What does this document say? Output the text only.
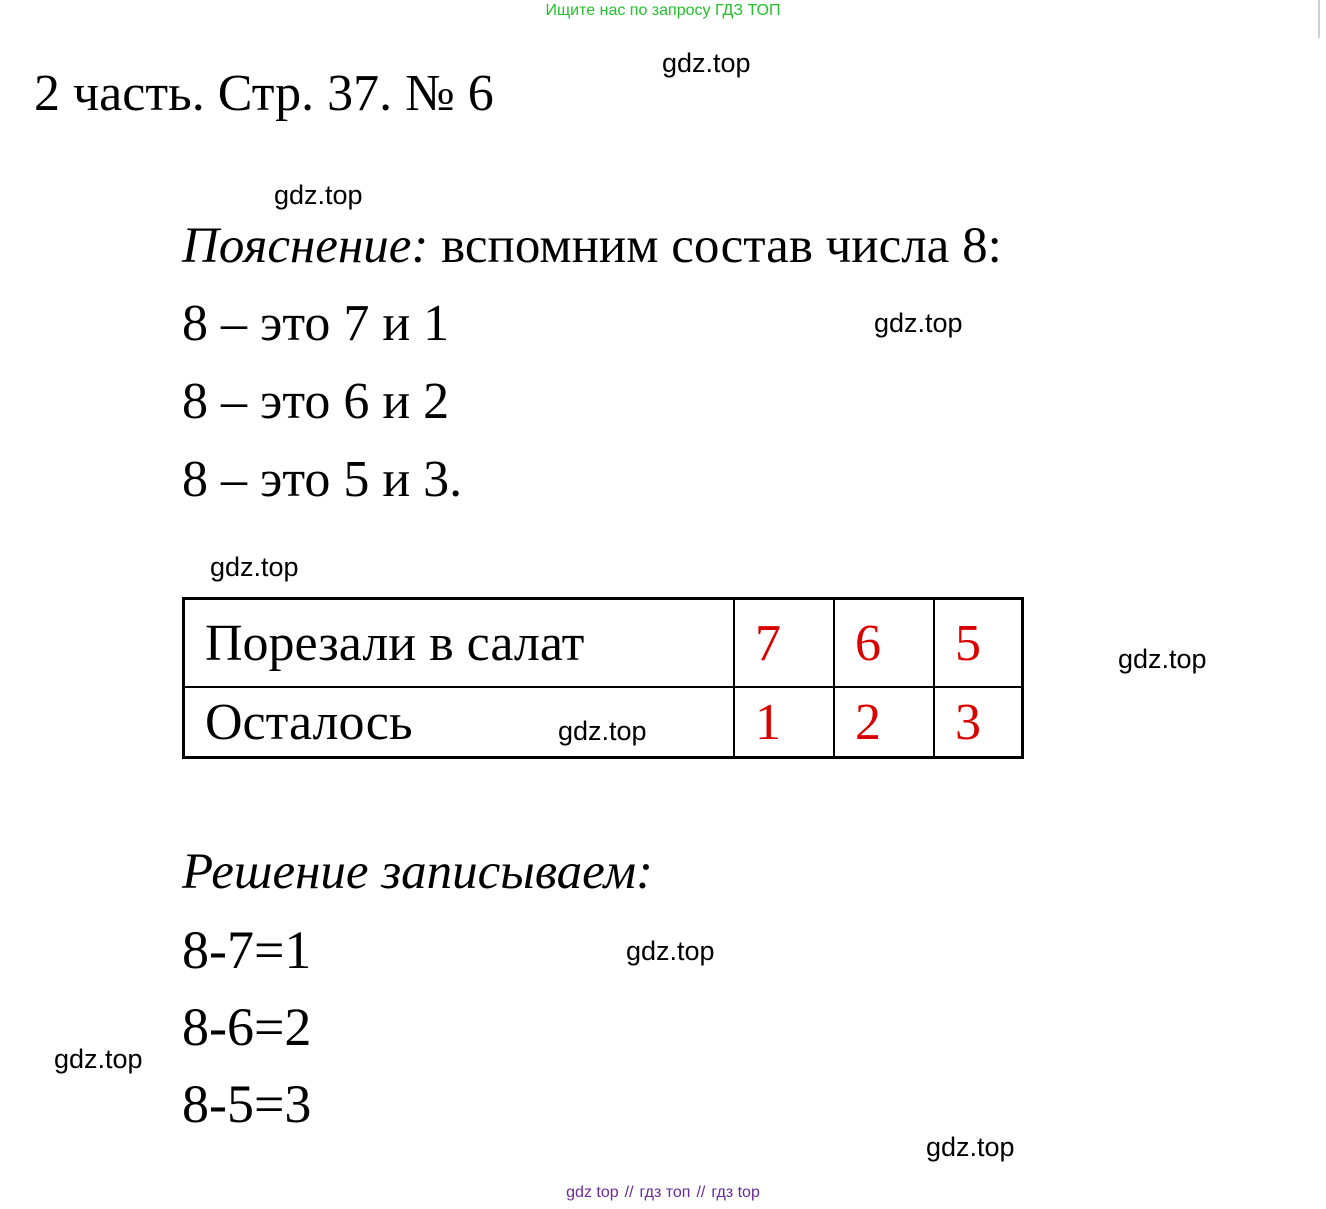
Ищите нас по запросу ГДЗ ТОП
2 часть. Стр. 37. № 6
Пояснение: вспомним состав числа 8:
8 – это 7 и 1
8 – это 6 и 2
8 – это 5 и 3.
Порезали в салат	7	6	5
Осталось	1	2	3
Решение записываем:
8-7=1
8-6=2
8-5=3
gdz.top
gdz.top
gdz.top
gdz.top
gdz.top
gdz.top
gdz.top
gdz.top
gdz.top
gdz top // гдз топ // гдз top
